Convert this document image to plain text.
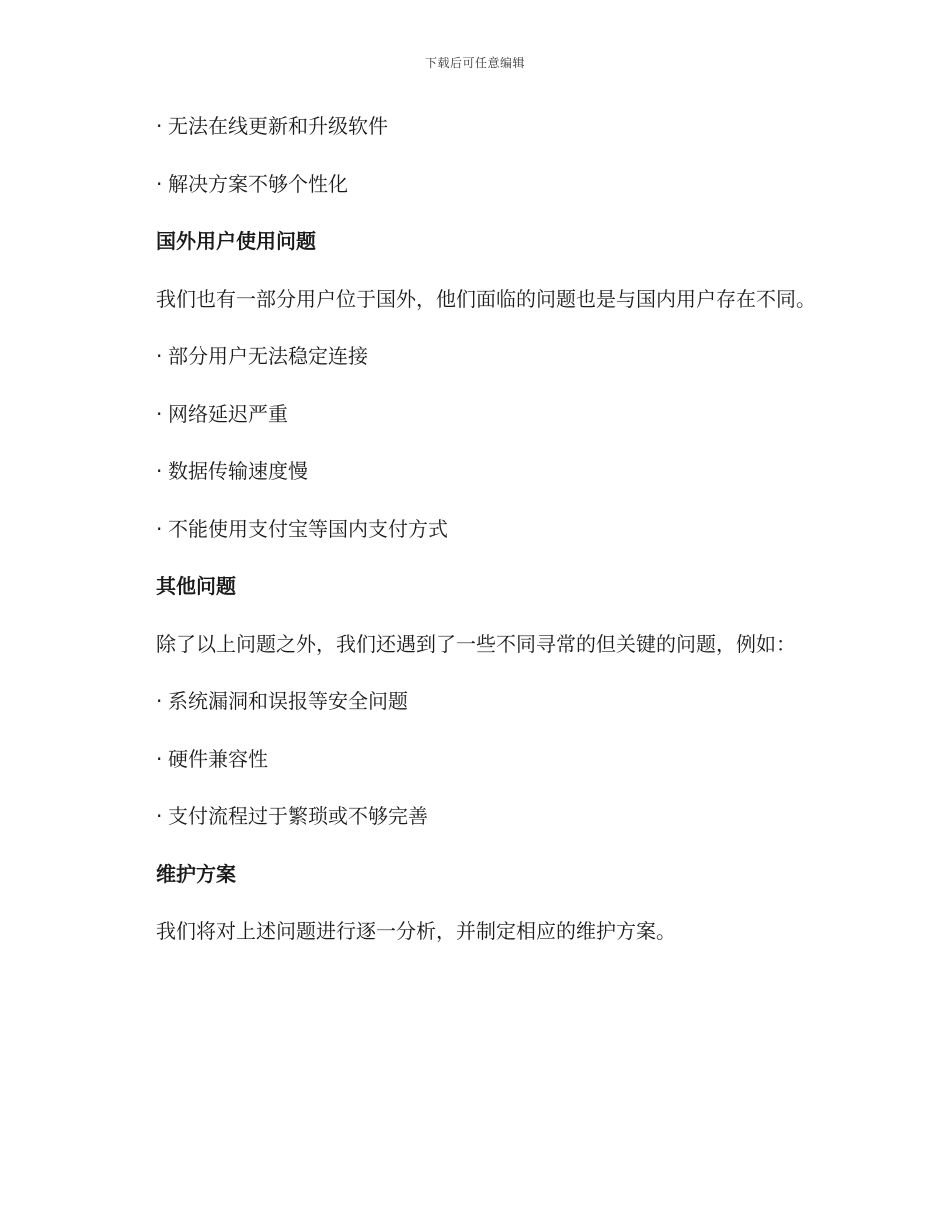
下载后可任意编辑
· 无法在线更新和升级软件
· 解决方案不够个性化
国外用户使用问题
我们也有一部分用户位于国外，他们面临的问题也是与国内用户存在不同。
· 部分用户无法稳定连接
· 网络延迟严重
· 数据传输速度慢
· 不能使用支付宝等国内支付方式
其他问题
除了以上问题之外，我们还遇到了一些不同寻常的但关键的问题，例如：
· 系统漏洞和误报等安全问题
· 硬件兼容性
· 支付流程过于繁琐或不够完善
维护方案
我们将对上述问题进行逐一分析，并制定相应的维护方案。
